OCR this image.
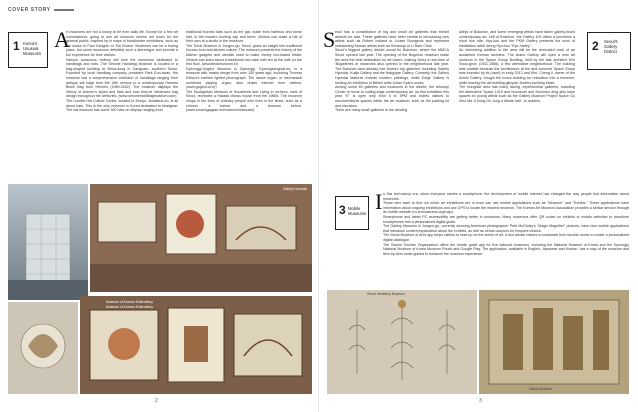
COVER STORY
1 Korea's
Unusual
Museums
A
rt museums are not a luxury to be from daily life. Except for a few art connoisseurs, going to see art museum seems not much for the general public, inspired by in ways of blockbuster exhibitions, such as the works of Paul Gauguin or Tim Burton. Museums can be a boring place, but some museums definitely such a stereotype and provide a fun experience for their visitors.
Various conscious visitors will love the museums dedicated to handbags and hats. The Simone Handbag Museum is located in a bag-shaped building at Sinsa-dong in Gangnam, southern Seoul. Founded by local handbag company president Park Eun-kwan, the museum has a comprehensive collection of handbags ranging from antique silk bags from the 16th century to a contemporary Hermes Birkin Bag from Hermes (1989-2002). The museum displays the history of women's styles and fads and how they've influenced bag design throughout the centuries. (www.simonehandbagmuseum.com)
The Lucette Hat Culture Center, located in Jeonju, Jeollabuk-do, is all about hats. This is the only museum in Korea dedicated to headgear. The hat museum has some 300 hats on display ranging from
traditional Korean hats such as the gat, made from bamboo and horse hair, to the modern hunting cap and beret. Visitors can make a hat of their own at a studio in the museum.
The Tteok Museum in Jongno-gu, Seoul, gives an insight into traditional Korean food and kitchen culture. The museum presents the history of the kitchen gadgets and utensils used to make chewy rice-based treats. Visitors can learn about a traditional rice cake with ten at the café on the first floor. (www.tteokmuseum.kr)
Gyeonggi-Gogeul Museum in Gyeonggi, Gyeongsangbuk-do, is a museum with masks brings from over 100 years ago, including Thomas Edison's earliest lighted phonograph. The dance organ, or mechanical orchestra playing organ, also draws interest from visitors. (www.gogeul.co.kr)
The Soubgalsan Museum of Household and Living in Incheon, west of Seoul, recreates a Hakata chorus house from the 1960s. The museum chops in the lives of ordinary people who lived in the times, such as a rollover, a barber and a tearoom before. (www.soubmgagsan.kr/museum/toilsouse/)
Gallery Hyundai
Museum of Korean Embroidery
Museum of Korean Embroidery
2
S eoul has a constellation of big and small art galleries that exhibit artwork for sale. These galleries have been central to introducing new artists such as Robert Indiana or Louise Bourgeois and represent outstanding Korean artists such as Kimsooja or U Ram Choe.
Seoul's biggest gallery district would be Bukchon, where the MMCA Seoul opened last year. The opening of the Bugchon museum made the area the best destination for art lovers, making Seoul a real view of 'Bugalleries or museums also opened in the neighborhood last year. The Bukchon area already had Korea's top galleries, including Gallery Hyundai, Kukje Gallery and the Hakgojae Gallery. Currently, the Gallery Hyundai features Korean modern paintings, while Kukje Gallery is holding an exhibition of British artist Julian Opie's works.
Among some 60 galleries and museums in the district, the Artsonje Center is home to cutting-edge contemporary art. Its first exhibition this year "K" is open only from 6 to 9PM and invites visitors to unconventional spaces within the art museum, such as the parking lot and elevators.
There are many small galleries in the winding
alleys of Bukchon, and some emerging artists have taken gallery-fused contemporary art. Left of Bukchon, the Gallery 103 offers a lunchtime a short bus ride. Hyo-kou and the PKM Gallery presents the work of installation artist Jeong Hyo-kou "Eye-hadey"
An interesting addition to the area will be the renovated work of an acclaimed Korean architect. The Arario Gallery will open a new art museum in the Space Group Building, built by the late architect Kim Swoo-geun (1931-1986), a few alternative neighborhood. The building was notable because the architecture at the and concrete Space Group was founded by its (used) in early 2013 and Kim. Cheng-il, owner of the Arario Gallery, bought the iconic building for relocation into a museum, while leaving the old building glimpse Jewelry building intact.
The Hongdae area has many daring, experimental galleries, including the alternative Space 1019 and Noonsore and Noonsen ding also have spaces for young artists such as the Gallery Museum Project Space Gu Seul Ma Ji Dong Gu Jung a tribute half - to readers.
2 Seoul's
Gallery
District
3 Mobile
Museums I n this tech-savvy era, when everyone carries a smartphone, the development of mobile internet has changed the way people find information about museums.
Those who want to find out which art exhibitions are in town can use mobile applications such as "Museum" and "Exhibis." These applications have information about ongoing exhibitions and use GPS to locate the nearest museum. The Korean Art Museum Association provides a similar service through its mobile website (m.artmuseums.org/map).
Smartphone and tablet PC accessibility are getting better in museums. Many museums offer QR codes on exhibits or mobile websites to transform smartphones into a personalized digital guide.
The Gallery Museum in Jongno-gu, currently showing American photographer Pete McGinley's "Magic Magnifier" pictures, have nice mobile applications that introduce content explanation about the exhibits, as well as virtual coupons for frequent visitors.
The Seoul Museum of Art's app helps visitors to read up on the works of art. A text allows visitors to bookmark their favorite works to create a personalized digital catalogue.
The Gwuhe Tourism Organization offers the mobile guide app for five national museums, including the National Museum of Korea and the Gyeongju National Museum of Korea Museum Pouch and Google Play. The application, available in English, Japanese and Korean, has a map of the museum and item-by-item audio guides to enhance the museum experience.
World Jewellery Museum
Sahra Museum
3
